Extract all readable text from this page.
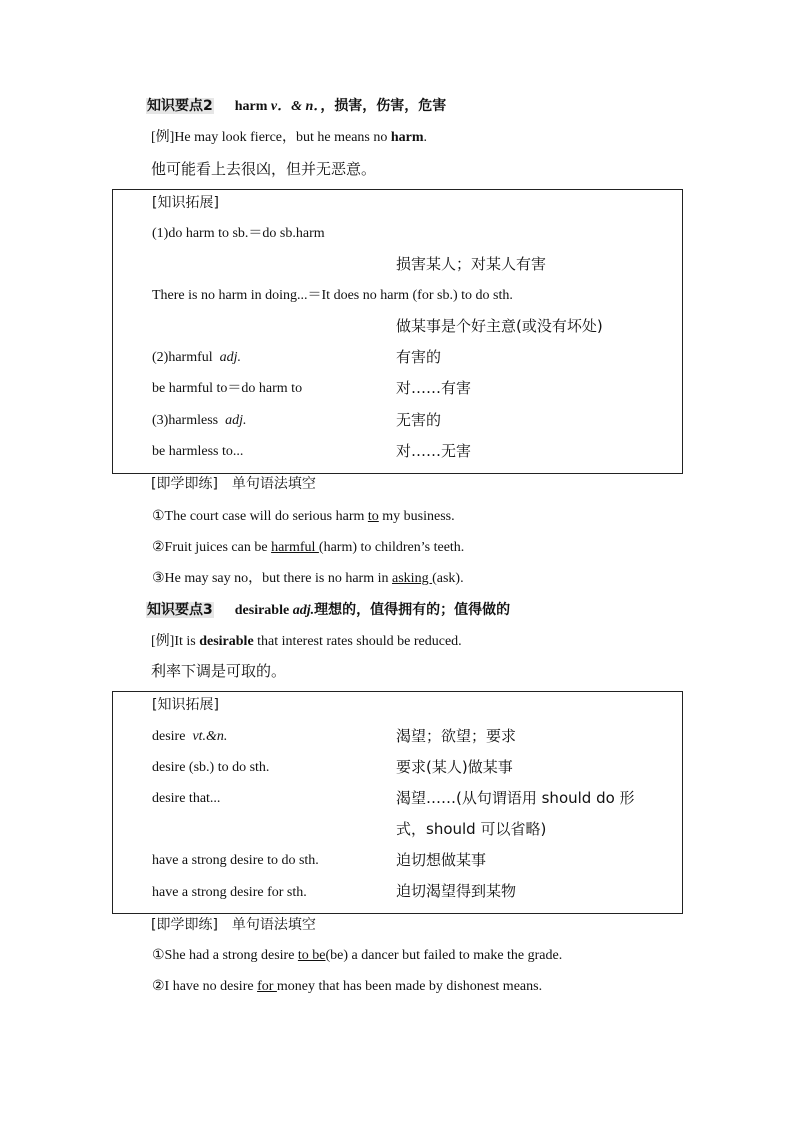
知识要点2 harm v．& n．，损害，伤害，危害
[例]He may look fierce，but he means no harm.
他可能看上去很凶，但并无恶意。
[知识拓展]
(1)do harm to sb.＝do sb.harm
损害某人；对某人有害
There is no harm in doing...＝It does no harm (for sb.) to do sth.
做某事是个好主意(或没有坏处)
(2)harmful adj.	有害的
be harmful to＝do harm to	对……有害
(3)harmless adj.	无害的
be harmless to...	对……无害
[即学即练]　单句语法填空
①The court case will do serious harm to my business.
②Fruit juices can be harmful (harm) to children’s teeth.
③He may say no，but there is no harm in asking (ask).
知识要点3 desirable adj.理想的，值得拥有的；值得做的
[例]It is desirable that interest rates should be reduced.
利率下调是可取的。
[知识拓展]
desire vt.&n.	渴望；欲望；要求
desire (sb.) to do sth.	要求(某人)做某事
desire that...	渴望……(从句谓语用 should do 形
式，should 可以省略)
have a strong desire to do sth.	迫切想做某事
have a strong desire for sth.	迫切渴望得到某物
[即学即练]　单句语法填空
①She had a strong desire to be(be) a dancer but failed to make the grade.
②I have no desire for money that has been made by dishonest means.
